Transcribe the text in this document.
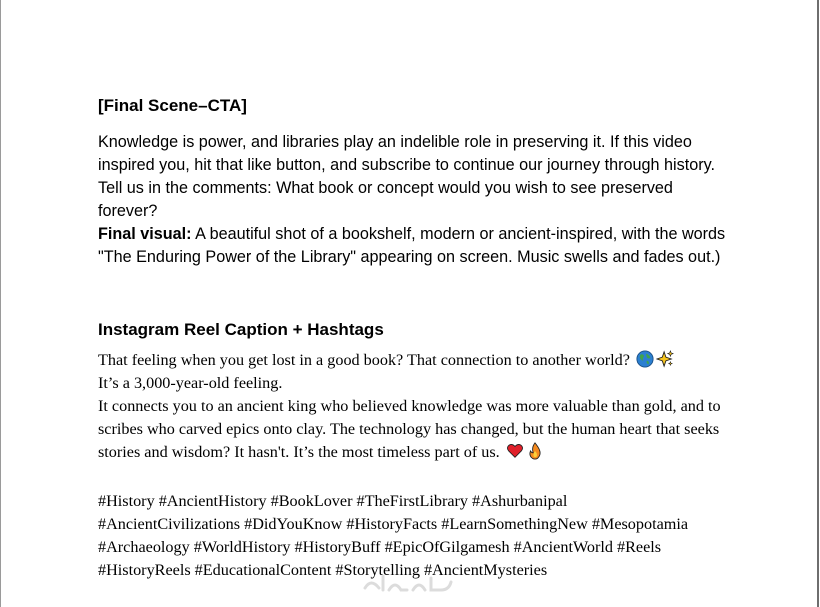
[Final Scene–CTA]

Knowledge is power, and libraries play an indelible role in preserving it. If this video inspired you, hit that like button, and subscribe to continue our journey through history. Tell us in the comments: What book or concept would you wish to see preserved forever?
Final visual: A beautiful shot of a bookshelf, modern or ancient-inspired, with the words "The Enduring Power of the Library" appearing on screen. Music swells and fades out.)

Instagram Reel Caption + Hashtags

That feeling when you get lost in a good book? That connection to another world?

It’s a 3,000-year-old feeling.

It connects you to an ancient king who believed knowledge was more valuable than gold, and to scribes who carved epics onto clay. The technology has changed, but the human heart that seeks stories and wisdom? It hasn't. It’s the most timeless part of us.

#History #AncientHistory #BookLover #TheFirstLibrary #Ashurbanipal #AncientCivilizations #DidYouKnow #HistoryFacts #LearnSomethingNew #Mesopotamia #Archaeology #WorldHistory #HistoryBuff #EpicOfGilgamesh #AncientWorld #Reels #HistoryReels #EducationalContent #Storytelling #AncientMysteries
